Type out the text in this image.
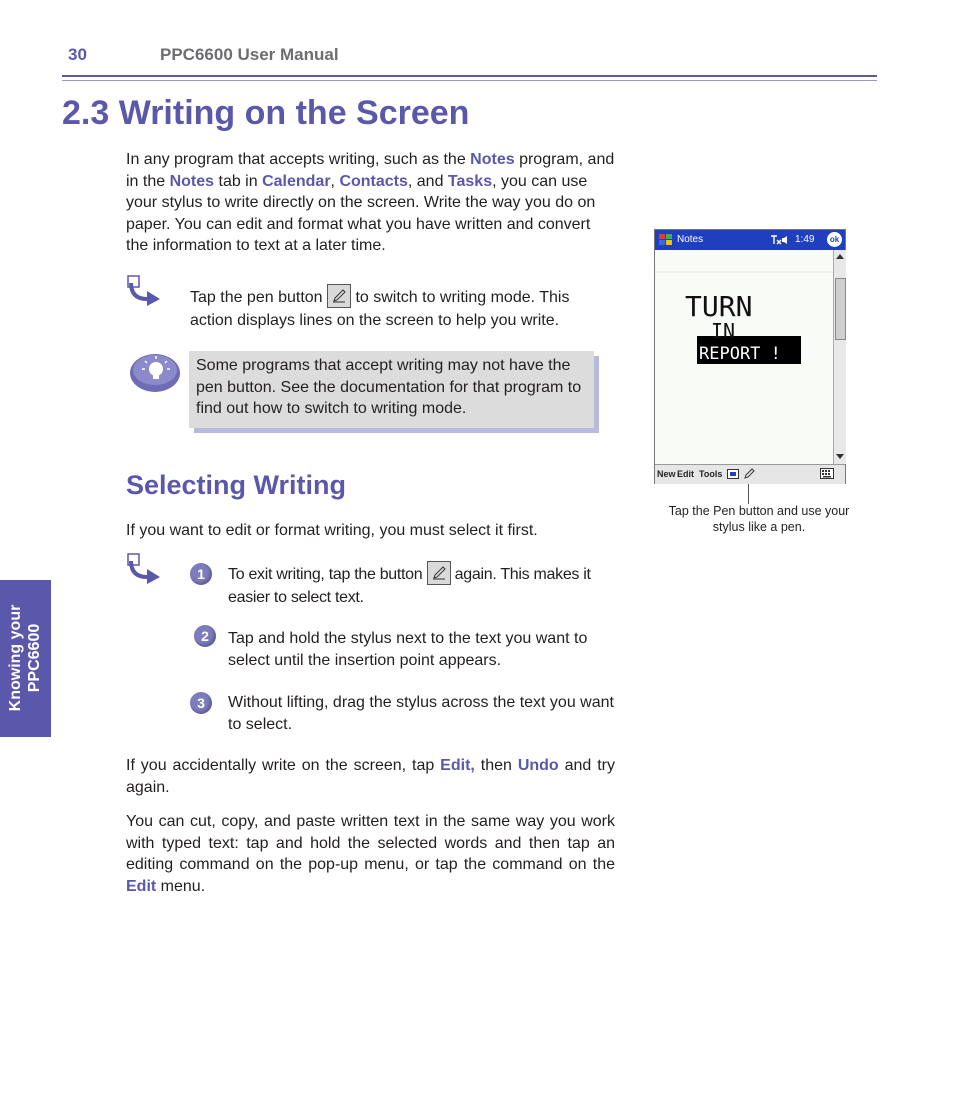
30	PPC6600 User Manual
2.3 Writing on the Screen

In any program that accepts writing, such as the Notes program, and in the Notes tab in Calendar, Contacts, and Tasks, you can use your stylus to write directly on the screen. Write the way you do on paper. You can edit and format what you have written and convert the information to text at a later time.

Tap the pen button
to switch to writing mode. This action displays lines on the screen to help you write.

Some programs that accept writing may not have the pen button. See the documentation for that program to find out how to switch to writing mode.

Selecting Writing

If you want to edit or format writing, you must select it first.

1	To exit writing, tap the button
again. This makes it easier to select text.

2	Tap and hold the stylus next to the text you want to select until the insertion point appears.

3	Without lifting, drag the stylus across the text you want to select.

If you accidentally write on the screen, tap Edit, then Undo and try again.

You can cut, copy, and paste written text in the same way you work with typed text: tap and hold the selected words and then tap an editing command on the pop-up menu, or tap the command on the Edit menu.

Knowing your PPC6600
Notes	1:49	ok
TURN
IN
REPORT !
New Edit Tools

Tap the Pen button and use your stylus like a pen.
